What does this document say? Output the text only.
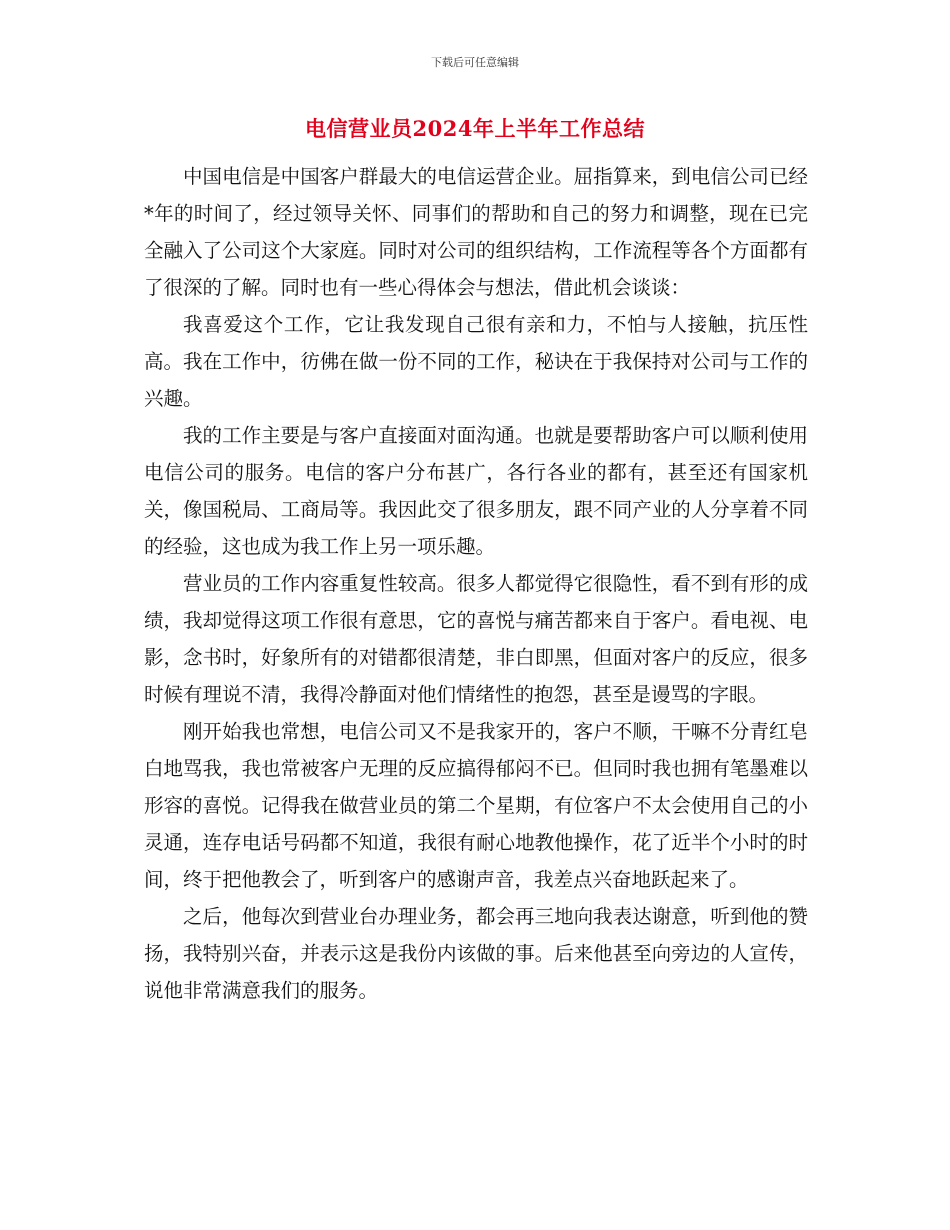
下载后可任意编辑
电信营业员2024年上半年工作总结

中国电信是中国客户群最大的电信运营企业。屈指算来，到电信公司已经*年的时间了，经过领导关怀、同事们的帮助和自己的努力和调整，现在已完全融入了公司这个大家庭。同时对公司的组织结构，工作流程等各个方面都有了很深的了解。同时也有一些心得体会与想法，借此机会谈谈：

我喜爱这个工作，它让我发现自己很有亲和力，不怕与人接触，抗压性高。我在工作中，彷佛在做一份不同的工作，秘诀在于我保持对公司与工作的兴趣。

我的工作主要是与客户直接面对面沟通。也就是要帮助客户可以顺利使用电信公司的服务。电信的客户分布甚广，各行各业的都有，甚至还有国家机关，像国税局、工商局等。我因此交了很多朋友，跟不同产业的人分享着不同的经验，这也成为我工作上另一项乐趣。

营业员的工作内容重复性较高。很多人都觉得它很隐性，看不到有形的成绩，我却觉得这项工作很有意思，它的喜悦与痛苦都来自于客户。看电视、电影，念书时，好象所有的对错都很清楚，非白即黑，但面对客户的反应，很多时候有理说不清，我得冷静面对他们情绪性的抱怨，甚至是谩骂的字眼。

刚开始我也常想，电信公司又不是我家开的，客户不顺，干嘛不分青红皂白地骂我，我也常被客户无理的反应搞得郁闷不已。但同时我也拥有笔墨难以形容的喜悦。记得我在做营业员的第二个星期，有位客户不太会使用自己的小灵通，连存电话号码都不知道，我很有耐心地教他操作，花了近半个小时的时间，终于把他教会了，听到客户的感谢声音，我差点兴奋地跃起来了。

之后，他每次到营业台办理业务，都会再三地向我表达谢意，听到他的赞扬，我特别兴奋，并表示这是我份内该做的事。后来他甚至向旁边的人宣传，说他非常满意我们的服务。
